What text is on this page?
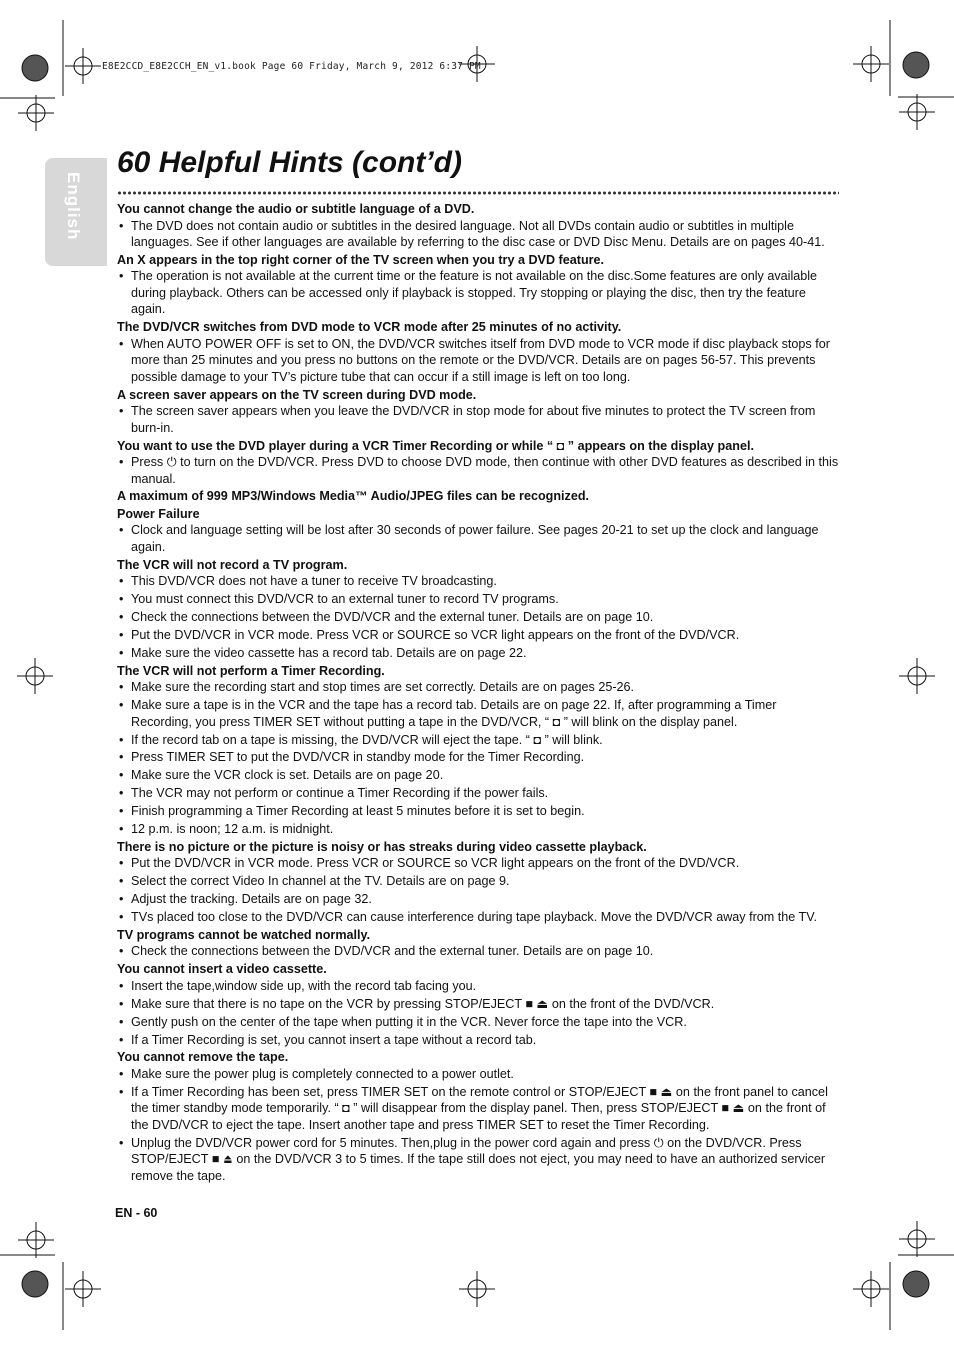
E8E2CCD_E8E2CCH_EN_v1.book Page 60 Friday, March 9, 2012 6:37 PM
English
60 Helpful Hints (cont’d)
You cannot change the audio or subtitle language of a DVD.
• The DVD does not contain audio or subtitles in the desired language. Not all DVDs contain audio or subtitles in multiple languages. See if other languages are available by referring to the disc case or DVD Disc Menu. Details are on pages 40-41.
An X appears in the top right corner of the TV screen when you try a DVD feature.
• The operation is not available at the current time or the feature is not available on the disc.Some features are only available during playback. Others can be accessed only if playback is stopped. Try stopping or playing the disc, then try the feature again.
The DVD/VCR switches from DVD mode to VCR mode after 25 minutes of no activity.
• When AUTO POWER OFF is set to ON, the DVD/VCR switches itself from DVD mode to VCR mode if disc playback stops for more than 25 minutes and you press no buttons on the remote or the DVD/VCR. Details are on pages 56-57. This prevents possible damage to your TV’s picture tube that can occur if a still image is left on too long.
A screen saver appears on the TV screen during DVD mode.
• The screen saver appears when you leave the DVD/VCR in stop mode for about five minutes to protect the TV screen from burn-in.
You want to use the DVD player during a VCR Timer Recording or while “ ◘ ” appears on the display panel.
• Press ⏻ to turn on the DVD/VCR. Press DVD to choose DVD mode, then continue with other DVD features as described in this manual.
A maximum of 999 MP3/Windows Media™ Audio/JPEG files can be recognized.
Power Failure
• Clock and language setting will be lost after 30 seconds of power failure. See pages 20-21 to set up the clock and language again.
The VCR will not record a TV program.
• This DVD/VCR does not have a tuner to receive TV broadcasting.
• You must connect this DVD/VCR to an external tuner to record TV programs.
• Check the connections between the DVD/VCR and the external tuner. Details are on page 10.
• Put the DVD/VCR in VCR mode. Press VCR or SOURCE so VCR light appears on the front of the DVD/VCR.
• Make sure the video cassette has a record tab. Details are on page 22.
The VCR will not perform a Timer Recording.
• Make sure the recording start and stop times are set correctly. Details are on pages 25-26.
• Make sure a tape is in the VCR and the tape has a record tab. Details are on page 22. If, after programming a Timer Recording, you press TIMER SET without putting a tape in the DVD/VCR, “ ◘ ” will blink on the display panel.
• If the record tab on a tape is missing, the DVD/VCR will eject the tape. “ ◘ ” will blink.
• Press TIMER SET to put the DVD/VCR in standby mode for the Timer Recording.
• Make sure the VCR clock is set. Details are on page 20.
• The VCR may not perform or continue a Timer Recording if the power fails.
• Finish programming a Timer Recording at least 5 minutes before it is set to begin.
• 12 p.m. is noon; 12 a.m. is midnight.
There is no picture or the picture is noisy or has streaks during video cassette playback.
• Put the DVD/VCR in VCR mode. Press VCR or SOURCE so VCR light appears on the front of the DVD/VCR.
• Select the correct Video In channel at the TV. Details are on page 9.
• Adjust the tracking. Details are on page 32.
• TVs placed too close to the DVD/VCR can cause interference during tape playback. Move the DVD/VCR away from the TV.
TV programs cannot be watched normally.
• Check the connections between the DVD/VCR and the external tuner. Details are on page 10.
You cannot insert a video cassette.
• Insert the tape,window side up, with the record tab facing you.
• Make sure that there is no tape on the VCR by pressing STOP/EJECT ■ ⏏ on the front of the DVD/VCR.
• Gently push on the center of the tape when putting it in the VCR. Never force the tape into the VCR.
• If a Timer Recording is set, you cannot insert a tape without a record tab.
You cannot remove the tape.
• Make sure the power plug is completely connected to a power outlet.
• If a Timer Recording has been set, press TIMER SET on the remote control or STOP/EJECT ■ ⏏ on the front panel to cancel the timer standby mode temporarily. “ ◘ ” will disappear from the display panel. Then, press STOP/EJECT ■ ⏏ on the front of the DVD/VCR to eject the tape. Insert another tape and press TIMER SET to reset the Timer Recording.
• Unplug the DVD/VCR power cord for 5 minutes. Then,plug in the power cord again and press ⏻ on the DVD/VCR. Press STOP/EJECT ■ ⏏ on the DVD/VCR 3 to 5 times. If the tape still does not eject, you may need to have an authorized servicer remove the tape.
EN - 60
